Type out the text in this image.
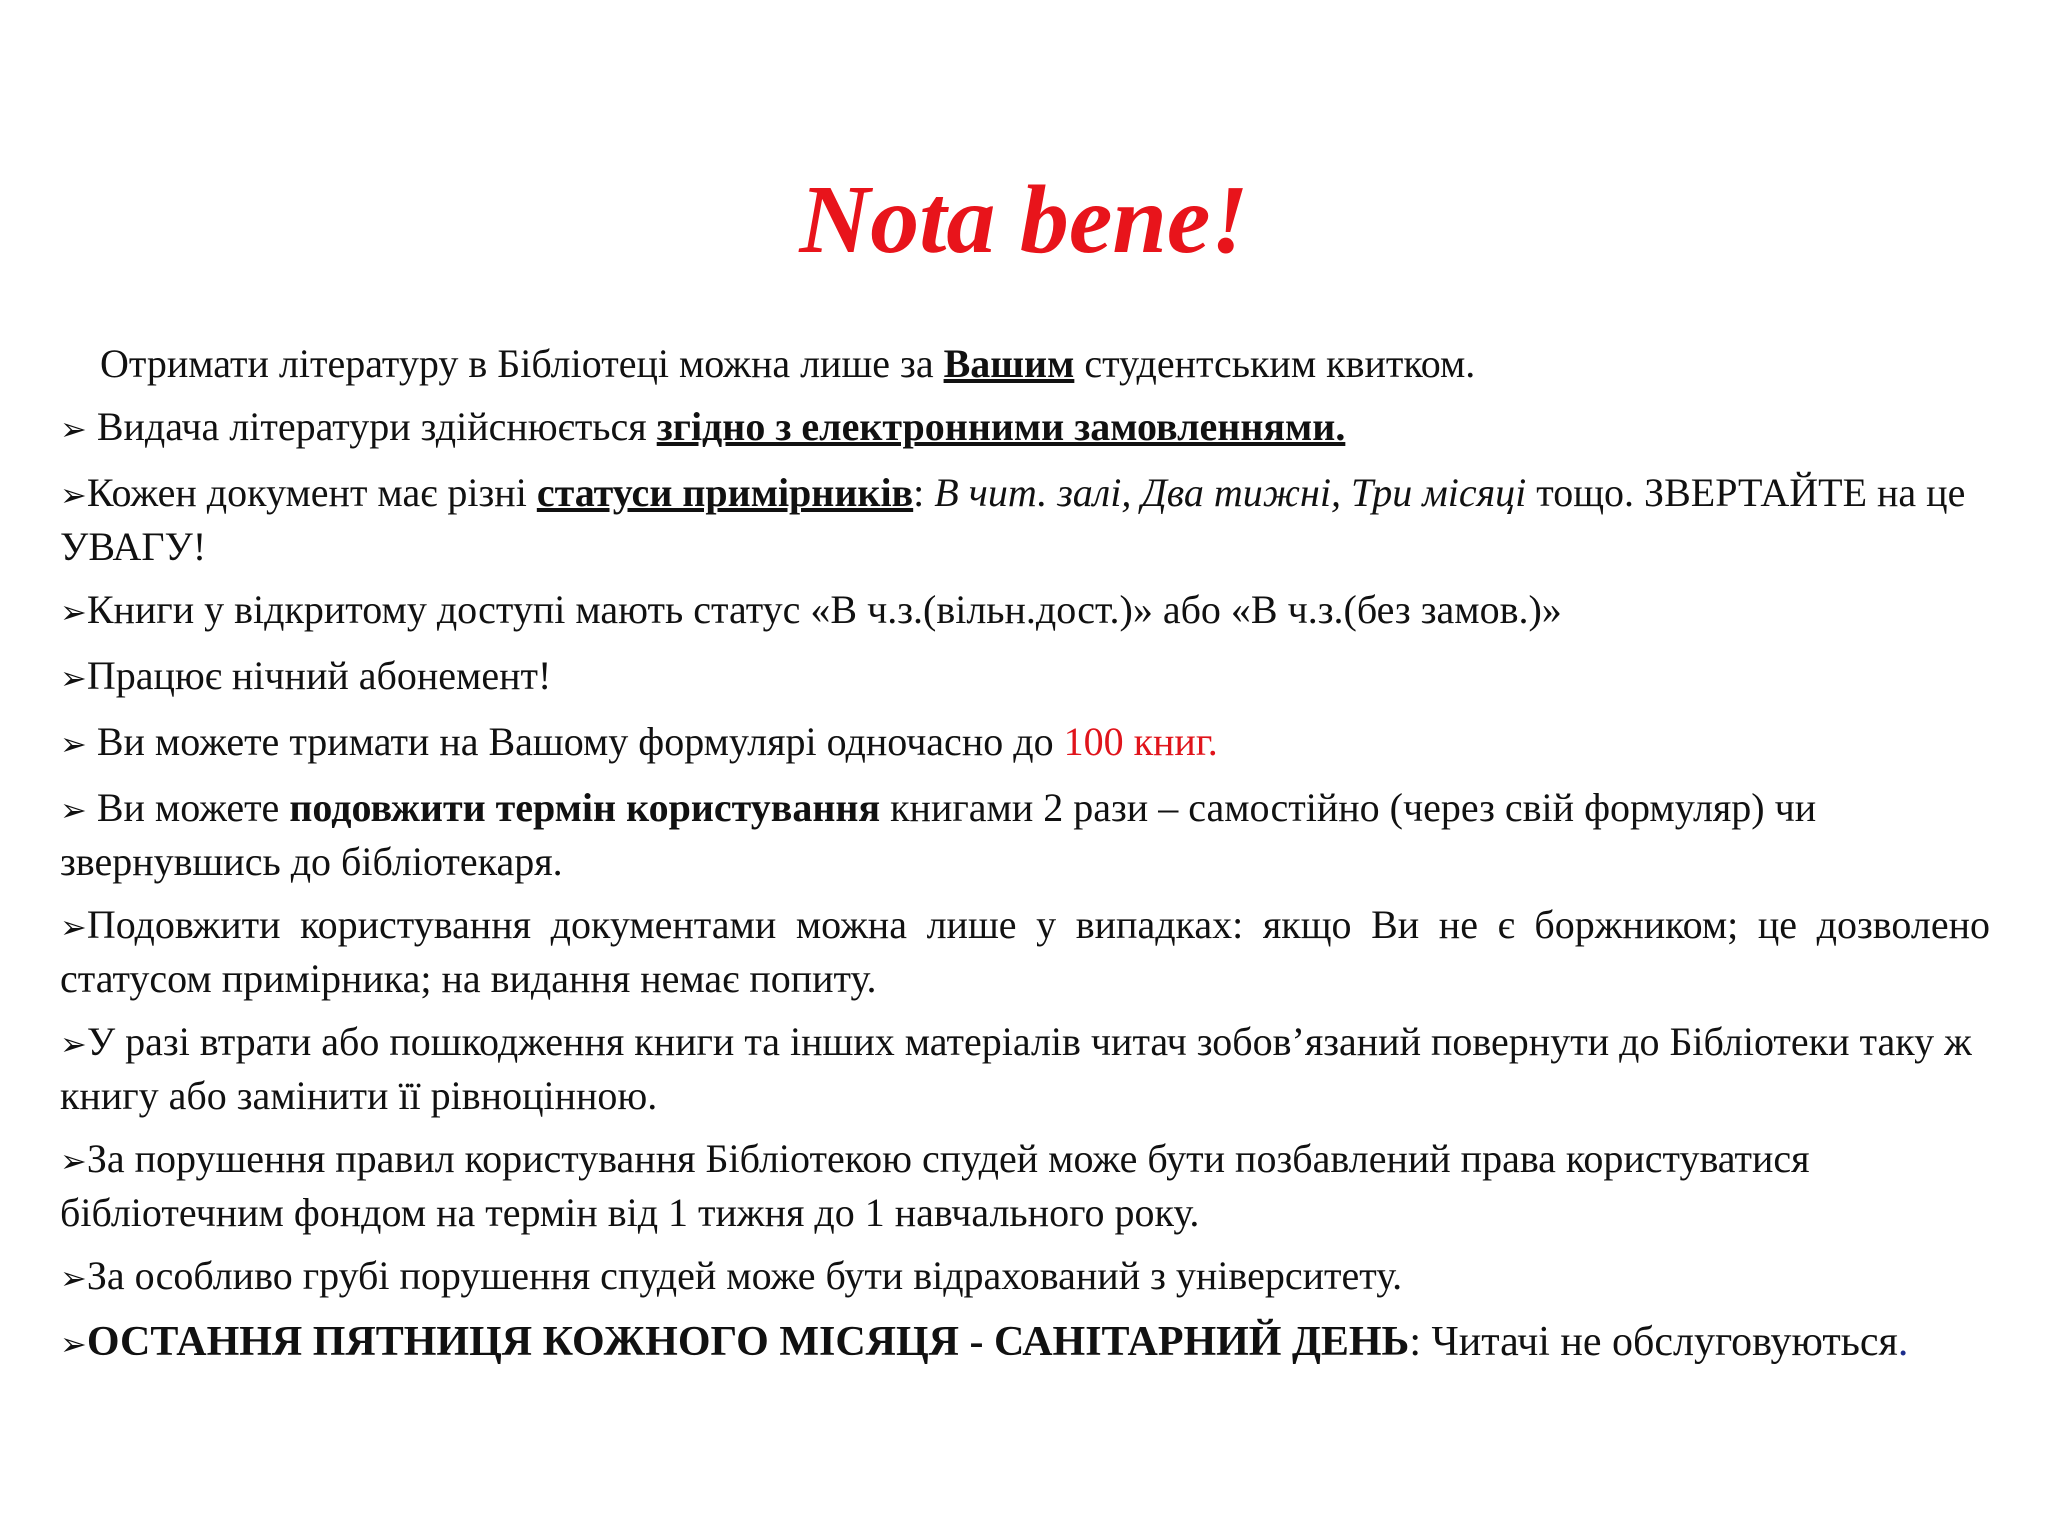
Nota bene!
Отримати літературу в Бібліотеці можна лише за Вашим студентським квитком.
➢ Видача літератури здійснюється згідно з електронними замовленнями.
➢Кожен документ має різні статуси примірників: В чит. залі, Два тижні, Три місяці тощо. ЗВЕРТАЙТЕ на це УВАГУ!
➢Книги у відкритому доступі мають статус «В ч.з.(вільн.дост.)» або «В ч.з.(без замов.)»
➢Працює нічний абонемент!
➢ Ви можете тримати на Вашому формулярі одночасно до 100 книг.
➢ Ви можете подовжити термін користування книгами 2 рази – самостійно (через свій формуляр) чи звернувшись до бібліотекаря.
➢Подовжити користування документами можна лише у випадках: якщо Ви не є боржником; це дозволено статусом примірника; на видання немає попиту.
➢У разі втрати або пошкодження книги та інших матеріалів читач зобов’язаний повернути до Бібліотеки таку ж книгу або замінити її рівноцінною.
➢За порушення правил користування Бібліотекою спудей може бути позбавлений права користуватися бібліотечним фондом на термін від 1 тижня до 1 навчального року.
➢За особливо грубі порушення спудей може бути відрахований з університету.
➢ОСТАННЯ ПЯТНИЦЯ КОЖНОГО МІСЯЦЯ - САНІТАРНИЙ ДЕНЬ: Читачі не обслуговуються.
